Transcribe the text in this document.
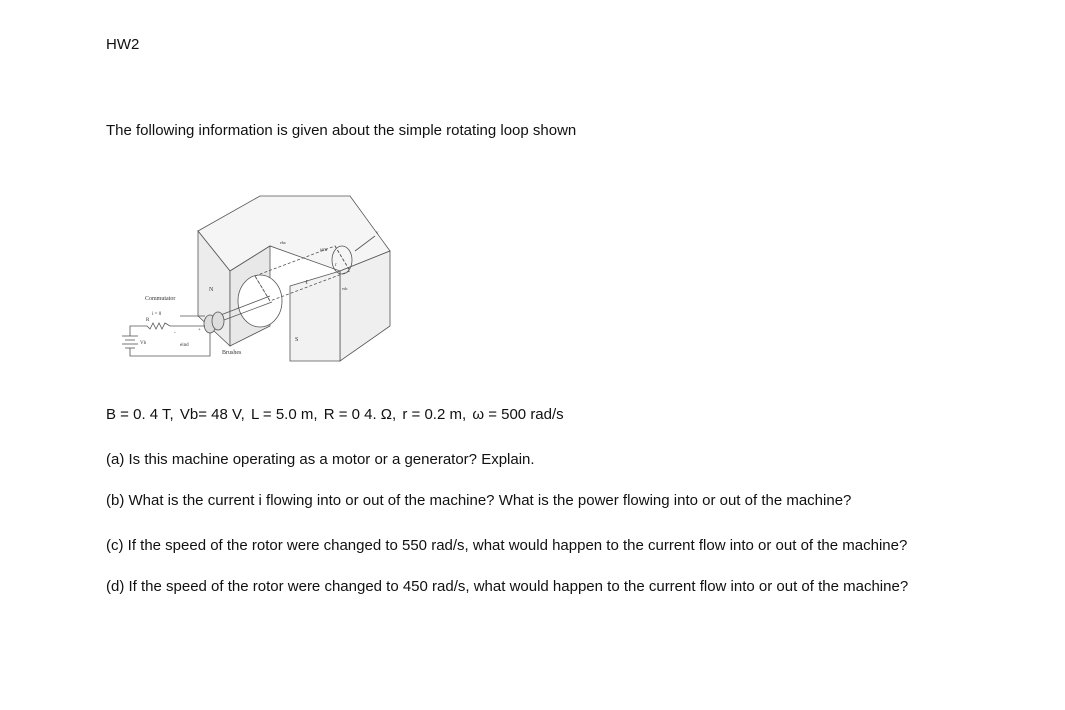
HW2
The following information is given about the simple rotating loop shown
Commutator
i = 0
N
S
Brushes
R
Vb	eind
+
-
ωm
ℓ
r
v
eba
edc
B = 0. 4 T, Vb= 48 V, L = 5.0 m, R = 0 4. Ω, r = 0.2 m, ω = 500 rad/s
(a) Is this machine operating as a motor or a generator? Explain.
(b) What is the current i flowing into or out of the machine? What is the power flowing into or out of the machine?
(c) If the speed of the rotor were changed to 550 rad/s, what would happen to the current flow into or out of the machine?
(d) If the speed of the rotor were changed to 450 rad/s, what would happen to the current flow into or out of the machine?
